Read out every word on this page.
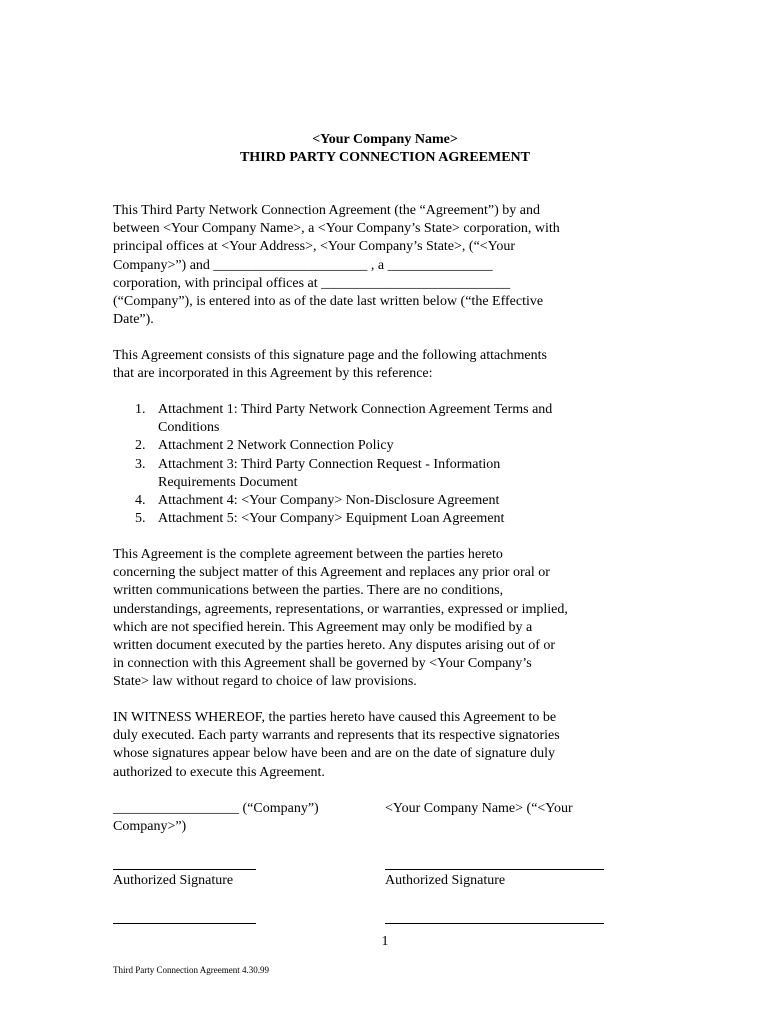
<Your Company Name>
THIRD PARTY CONNECTION AGREEMENT

This Third Party Network Connection Agreement (the “Agreement”) by and

between <Your Company Name>, a <Your Company’s State> corporation, with

principal offices at <Your Address>, <Your Company’s State>, (“<Your

Company>”) and ______________________ , a _______________

corporation, with principal offices at ___________________________

(“Company”), is entered into as of the date last written below (“the Effective

Date”).

This Agreement consists of this signature page and the following attachments

that are incorporated in this Agreement by this reference:

1. Attachment 1: Third Party Network Connection Agreement Terms and
Conditions
2. Attachment 2 Network Connection Policy
3. Attachment 3: Third Party Connection Request - Information
Requirements Document
4. Attachment 4: <Your Company> Non-Disclosure Agreement
5. Attachment 5: <Your Company> Equipment Loan Agreement

This Agreement is the complete agreement between the parties hereto

concerning the subject matter of this Agreement and replaces any prior oral or

written communications between the parties. There are no conditions,

understandings, agreements, representations, or warranties, expressed or implied,

which are not specified herein. This Agreement may only be modified by a

written document executed by the parties hereto. Any disputes arising out of or

in connection with this Agreement shall be governed by <Your Company’s

State> law without regard to choice of law provisions.

IN WITNESS WHEREOF, the parties hereto have caused this Agreement to be

duly executed. Each party warrants and represents that its respective signatories

whose signatures appear below have been and are on the date of signature duly

authorized to execute this Agreement.

__________________ (“Company”)	<Your Company Name> (“<Your
Company>”)
Authorized Signature	Authorized Signature
1
Third Party Connection Agreement 4.30.99
